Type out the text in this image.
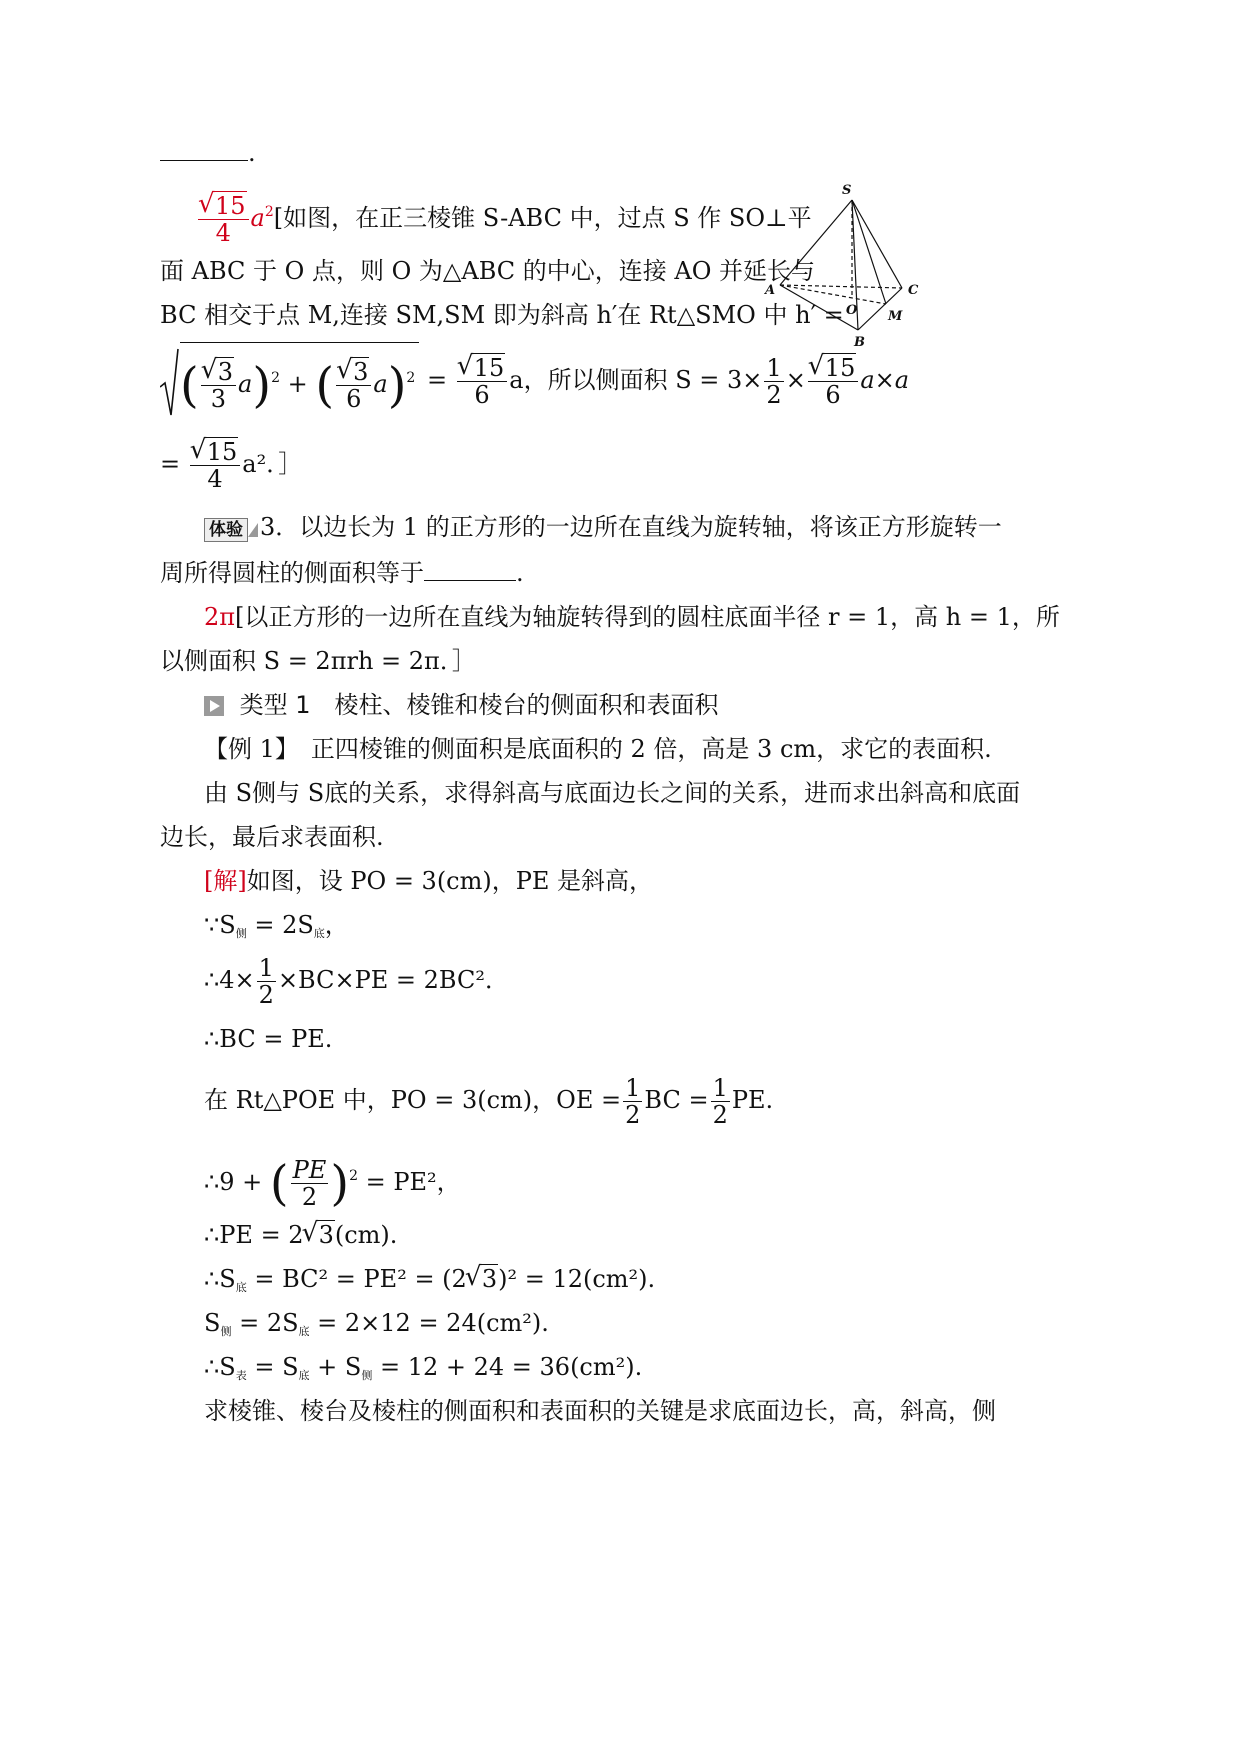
.
√ $\frac{15}{4} a^2$[如图，在正三棱锥 S-ABC 中，过点 S 作 SO⊥平
面 ABC 于 O 点，则 O 为△ABC 的中心，连接 AO 并延长与
BC 相交于点 M,连接 SM,SM 即为斜高 h′在 Rt△SMO 中 h′ =
(
√ $\frac{3}{3} a)^2$ + (
√ $\frac{3}{6} a)^2$ =
√ $\frac{15}{6}$ a，所以侧面积 $S = 3\times \frac{1}{2}$ ×
√ $\frac{15}{6} a\times a$
=
√ $\frac{15}{4} a^2$．］
S
A	C
O M
B
体验 3．以边长为 1 的正方形的一边所在直线为旋转轴，将该正方形旋转一
周所得圆柱的侧面积等于	.
2π[以正方形的一边所在直线为轴旋转得到的圆柱底面半径 r = 1，高 h = 1，所
以侧面积 S = 2πrh = 2π．］
类型 1　棱柱、棱锥和棱台的侧面积和表面积
【例 1】　正四棱锥的侧面积是底面积的 2 倍，高是 3 cm，求它的表面积.
由 S侧与 S底的关系，求得斜高与底面边长之间的关系，进而求出斜高和底面
边长，最后求表面积.
[解]如图，设 PO = 3(cm)，PE 是斜高，
$\because S_侧 = 2S_底$，
∴4× $\frac{1}{2} \times BC\times PE = 2BC^2$．
∴BC = PE.
在 Rt△POE 中，PO = 3(cm)，OE = $\frac{1}{2}$ BC = $\frac{1}{2}$ PE.
∴9 + ( $\frac{PE}{2} )^2 = PE^2$，
∴PE = 2√ 3(cm).
$\therefore S_底 = BC^2 = PE^2 = (2√$ 3)² = 12(cm²).
$S_侧 = 2S_底 = 2\times 12 = 24(cm^2)$.
$\therefore S_表 = S_底 + S_侧 = 12 + 24 = 36(cm^2)$.
求棱锥、棱台及棱柱的侧面积和表面积的关键是求底面边长，高，斜高，侧
